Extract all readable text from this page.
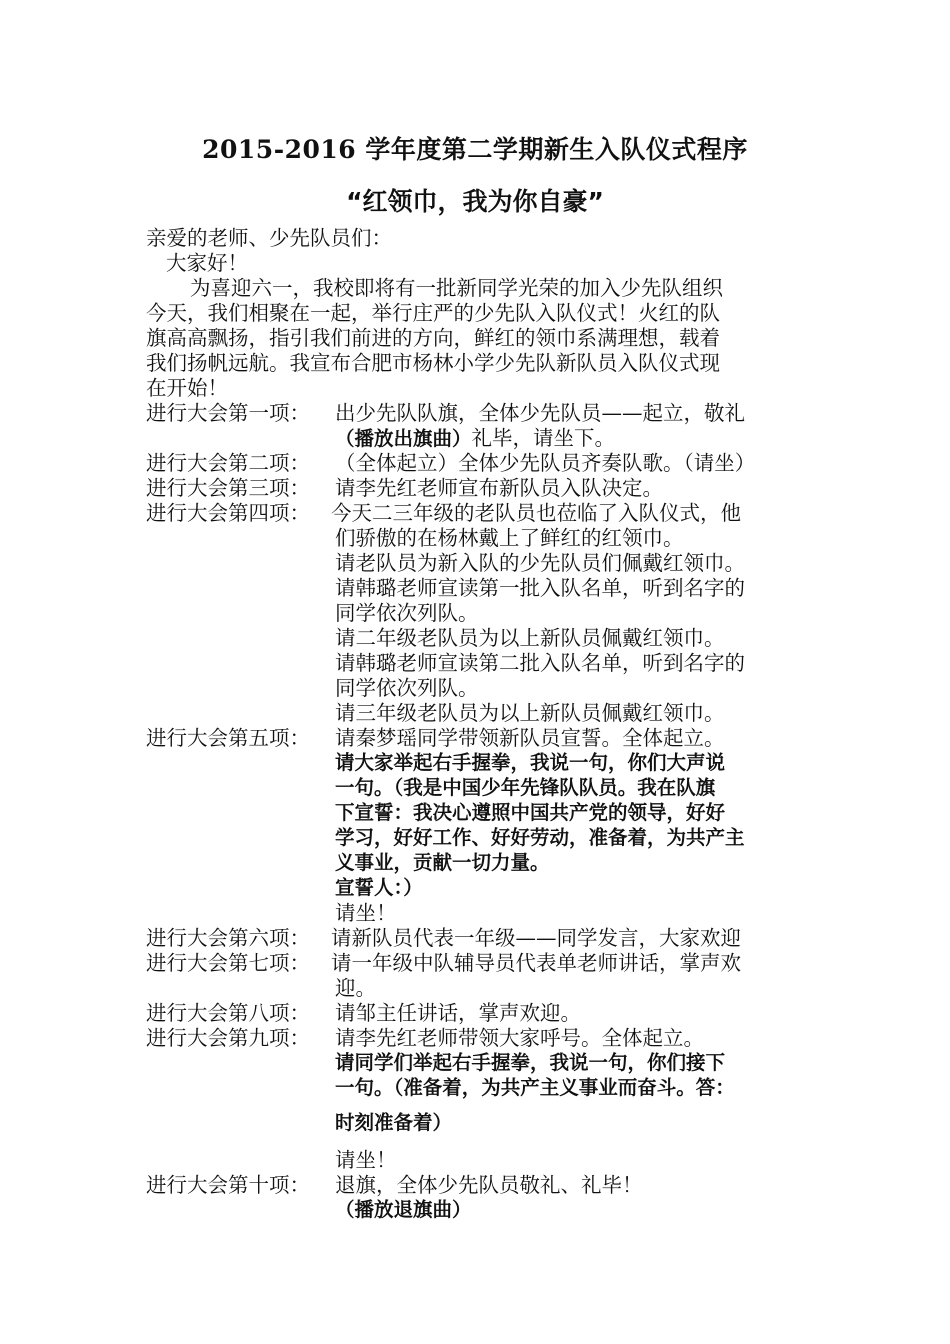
2015-2016 学年度第二学期新生入队仪式程序
“红领巾，我为你自豪”
亲爱的老师、少先队员们：
大家好！
为喜迎六一，我校即将有一批新同学光荣的加入少先队组织
今天，我们相聚在一起，举行庄严的少先队入队仪式！火红的队
旗高高飘扬，指引我们前进的方向，鲜红的领巾系满理想，载着
我们扬帆远航。我宣布合肥市杨林小学少先队新队员入队仪式现
在开始！
进行大会第一项： 出少先队队旗，全体少先队员——起立，敬礼
（播放出旗曲）礼毕，请坐下。
进行大会第二项： （全体起立）全体少先队员齐奏队歌。（请坐）
进行大会第三项： 请李先红老师宣布新队员入队决定。
进行大会第四项： 今天二三年级的老队员也莅临了入队仪式，他
们骄傲的在杨林戴上了鲜红的红领巾。
请老队员为新入队的少先队员们佩戴红领巾。
请韩璐老师宣读第一批入队名单，听到名字的
同学依次列队。
请二年级老队员为以上新队员佩戴红领巾。
请韩璐老师宣读第二批入队名单，听到名字的
同学依次列队。
请三年级老队员为以上新队员佩戴红领巾。
进行大会第五项： 请秦梦瑶同学带领新队员宣誓。全体起立。
请大家举起右手握拳，我说一句，你们大声说
一句。（我是中国少年先锋队队员。我在队旗
下宣誓：我决心遵照中国共产党的领导，好好
学习，好好工作、好好劳动，准备着，为共产主
义事业，贡献一切力量。
宣誓人：）
请坐！
进行大会第六项： 请新队员代表一年级——同学发言，大家欢迎
进行大会第七项： 请一年级中队辅导员代表单老师讲话，掌声欢
迎。
进行大会第八项： 请邹主任讲话，掌声欢迎。
进行大会第九项： 请李先红老师带领大家呼号。全体起立。
请同学们举起右手握拳，我说一句，你们接下
一句。（准备着，为共产主义事业而奋斗。答：
时刻准备着）
请坐！
进行大会第十项： 退旗，全体少先队员敬礼、礼毕！
（播放退旗曲）
